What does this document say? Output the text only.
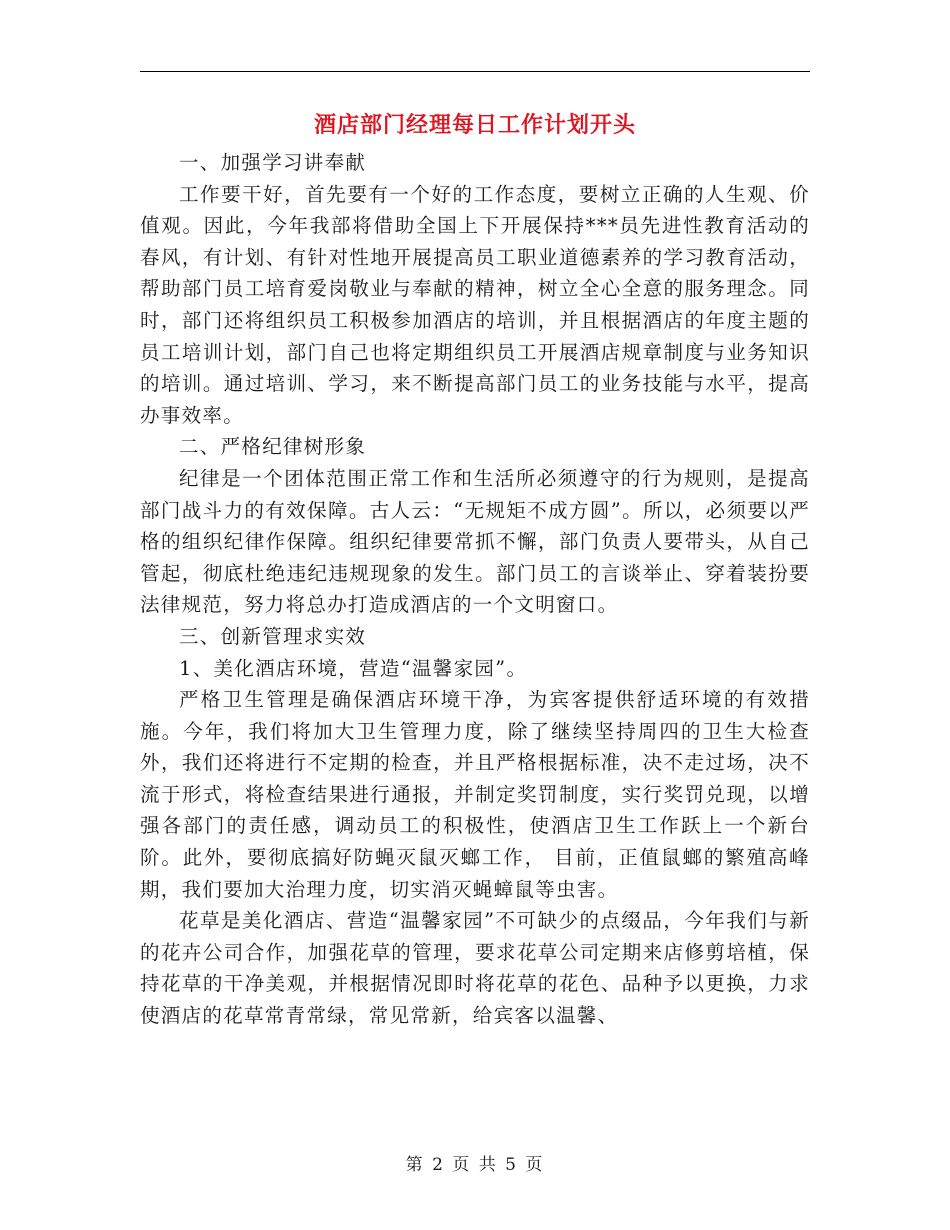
酒店部门经理每日工作计划开头

一、加强学习讲奉献

工作要干好，首先要有一个好的工作态度，要树立正确的人生观、价值观。因此，今年我部将借助全国上下开展保持***员先进性教育活动的春风，有计划、有针对性地开展提高员工职业道德素养的学习教育活动，帮助部门员工培育爱岗敬业与奉献的精神，树立全心全意的服务理念。同时，部门还将组织员工积极参加酒店的培训，并且根据酒店的年度主题的员工培训计划，部门自己也将定期组织员工开展酒店规章制度与业务知识的培训。通过培训、学习，来不断提高部门员工的业务技能与水平，提高办事效率。

二、严格纪律树形象

纪律是一个团体范围正常工作和生活所必须遵守的行为规则，是提高部门战斗力的有效保障。古人云：“无规矩不成方圆”。所以，必须要以严格的组织纪律作保障。组织纪律要常抓不懈，部门负责人要带头，从自己管起，彻底杜绝违纪违规现象的发生。部门员工的言谈举止、穿着装扮要法律规范，努力将总办打造成酒店的一个文明窗口。

三、创新管理求实效

1、美化酒店环境，营造“温馨家园”。

严格卫生管理是确保酒店环境干净，为宾客提供舒适环境的有效措施。今年，我们将加大卫生管理力度，除了继续坚持周四的卫生大检查外，我们还将进行不定期的检查，并且严格根据标准，决不走过场，决不流于形式，将检查结果进行通报，并制定奖罚制度，实行奖罚兑现，以增强各部门的责任感，调动员工的积极性，使酒店卫生工作跃上一个新台阶。此外，要彻底搞好防蝇灭鼠灭螂工作， 目前，正值鼠螂的繁殖高峰期，我们要加大治理力度，切实消灭蝇蟑鼠等虫害。

花草是美化酒店、营造“温馨家园”不可缺少的点缀品，今年我们与新的花卉公司合作，加强花草的管理，要求花草公司定期来店修剪培植，保持花草的干净美观，并根据情况即时将花草的花色、品种予以更换，力求使酒店的花草常青常绿，常见常新，给宾客以温馨、

第 2 页 共 5 页
